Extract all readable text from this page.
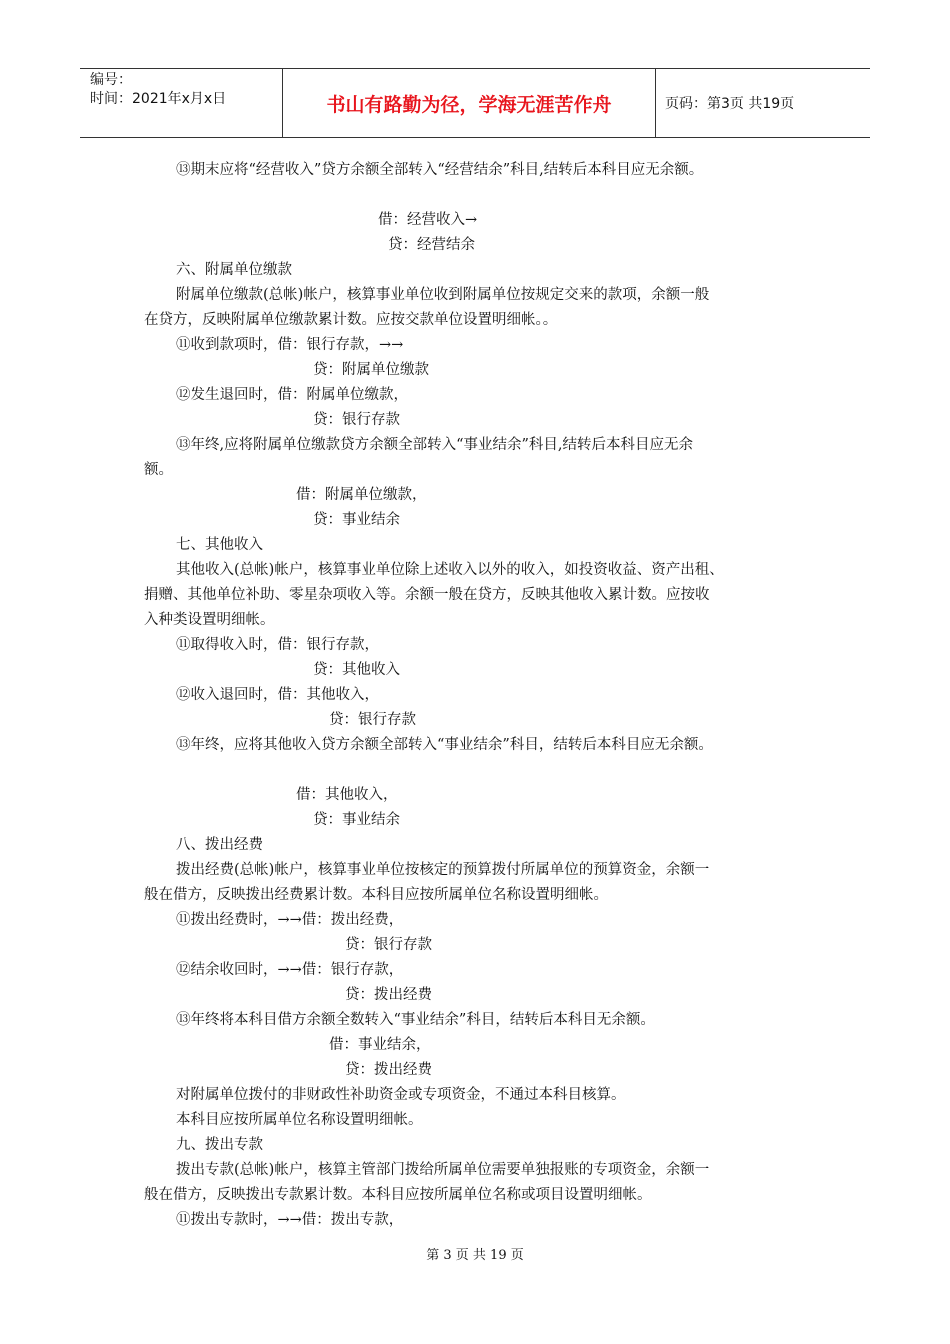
编号：
时间：2021年x月x日	书山有路勤为径，学海无涯苦作舟	页码：第3页 共19页
⑬期末应将“经营收入”贷方余额全部转入“经营结余”科目,结转后本科目应无余额。
借：经营收入→
贷：经营结余
六、附属单位缴款
附属单位缴款(总帐)帐户，核算事业单位收到附属单位按规定交来的款项，余额一般
在贷方，反映附属单位缴款累计数。应按交款单位设置明细帐。。
⑪收到款项时，借：银行存款，→→
贷：附属单位缴款
⑫发生退回时，借：附属单位缴款，
贷：银行存款
⑬年终,应将附属单位缴款贷方余额全部转入“事业结余”科目,结转后本科目应无余
额。
借：附属单位缴款，
贷：事业结余
七、其他收入
其他收入(总帐)帐户，核算事业单位除上述收入以外的收入，如投资收益、资产出租、
捐赠、其他单位补助、零星杂项收入等。余额一般在贷方，反映其他收入累计数。应按收
入种类设置明细帐。
⑪取得收入时，借：银行存款，
贷：其他收入
⑫收入退回时，借：其他收入，
贷：银行存款
⑬年终，应将其他收入贷方余额全部转入“事业结余”科目，结转后本科目应无余额。
借：其他收入，
贷：事业结余
八、拨出经费
拨出经费(总帐)帐户，核算事业单位按核定的预算拨付所属单位的预算资金，余额一
般在借方，反映拨出经费累计数。本科目应按所属单位名称设置明细帐。
⑪拨出经费时，→→借：拨出经费，
贷：银行存款
⑫结余收回时，→→借：银行存款，
贷：拨出经费
⑬年终将本科目借方余额全数转入“事业结余”科目，结转后本科目无余额。
借：事业结余，
贷：拨出经费
对附属单位拨付的非财政性补助资金或专项资金，不通过本科目核算。
本科目应按所属单位名称设置明细帐。
九、拨出专款
拨出专款(总帐)帐户，核算主管部门拨给所属单位需要单独报账的专项资金，余额一
般在借方，反映拨出专款累计数。本科目应按所属单位名称或项目设置明细帐。
⑪拨出专款时，→→借：拨出专款，
第 3 页 共 19 页
